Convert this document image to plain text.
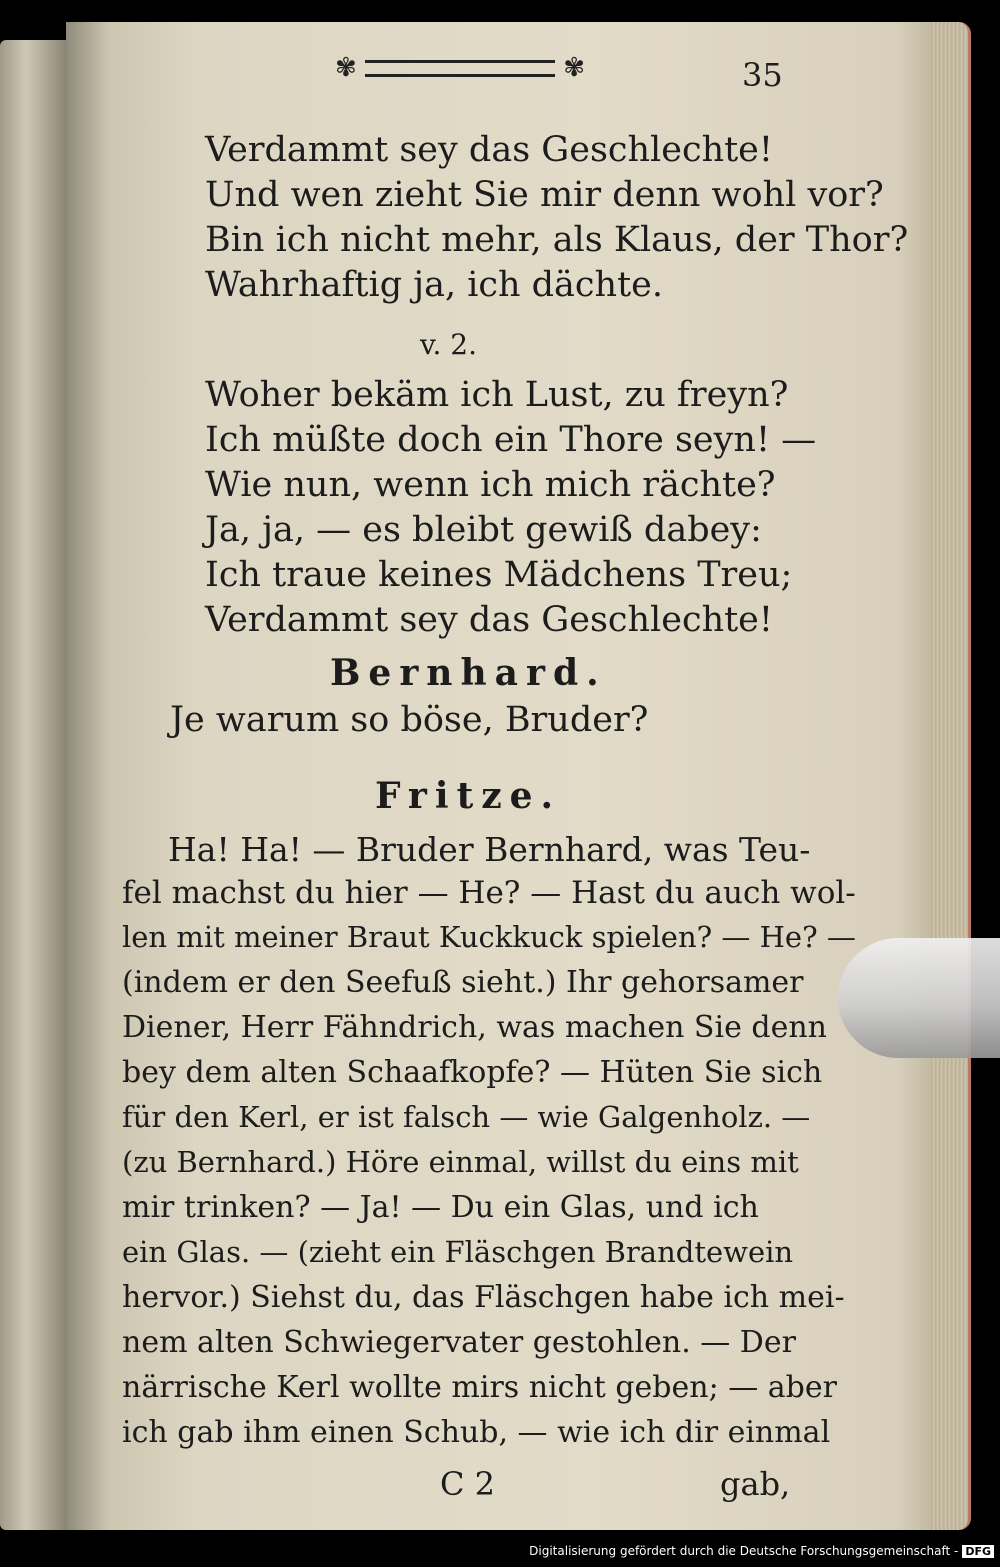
✾	✾	35
Verdammt sey das Geschlechte!
Und wen zieht Sie mir denn wohl vor?
Bin ich nicht mehr, als Klaus, der Thor?
Wahrhaftig ja, ich dächte.
v. 2.
Woher bekäm ich Lust, zu freyn?
Ich müßte doch ein Thore seyn! —
Wie nun, wenn ich mich rächte?
Ja, ja, — es bleibt gewiß dabey:
Ich traue keines Mädchens Treu;
Verdammt sey das Geschlechte!
Bernhard.
Je warum so böse, Bruder?
Fritze.
Ha! Ha! — Bruder Bernhard, was Teu-
fel machst du hier — He? — Hast du auch wol-
len mit meiner Braut Kuckkuck spielen? — He? —
(indem er den Seefuß sieht.) Ihr gehorsamer
Diener, Herr Fähndrich, was machen Sie denn
bey dem alten Schaafkopfe? — Hüten Sie sich
für den Kerl, er ist falsch — wie Galgenholz. —
(zu Bernhard.) Höre einmal, willst du eins mit
mir trinken? — Ja! — Du ein Glas, und ich
ein Glas. — (zieht ein Fläschgen Brandtewein
hervor.) Siehst du, das Fläschgen habe ich mei-
nem alten Schwiegervater gestohlen. — Der
närrische Kerl wollte mirs nicht geben; — aber
ich gab ihm einen Schub, — wie ich dir einmal
C 2	gab,
Digitalisierung gefördert durch die Deutsche Forschungsgemeinschaft - DFG
